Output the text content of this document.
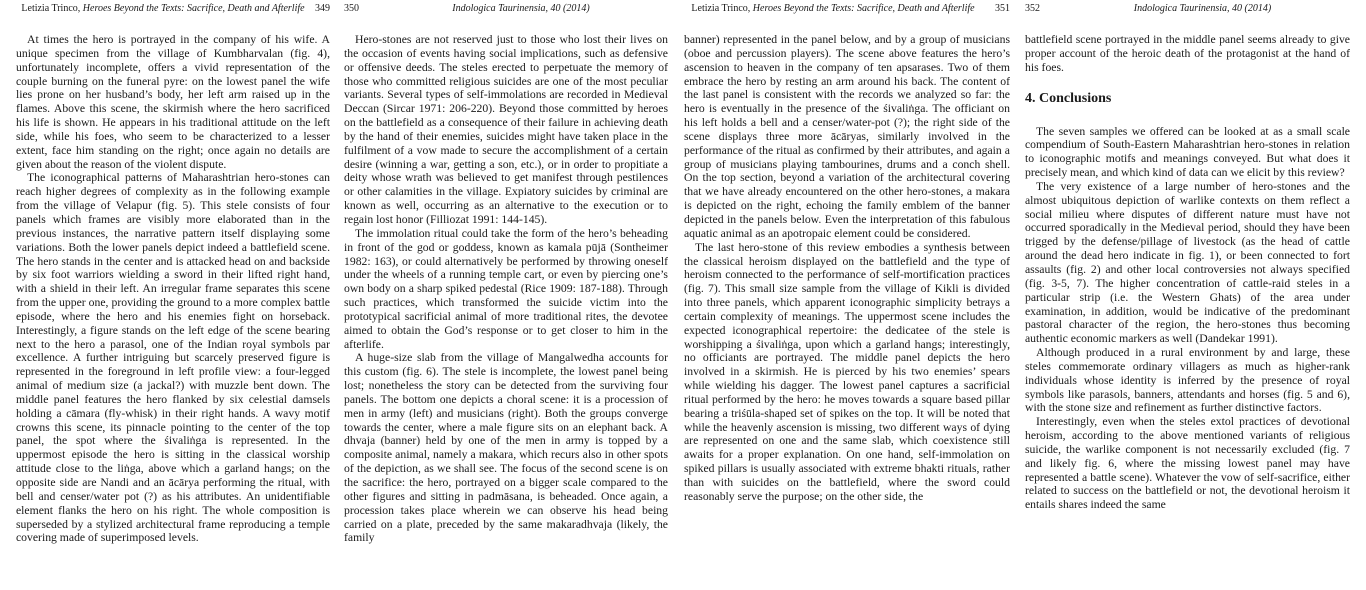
Letizia Trinco, Heroes Beyond the Texts: Sacrifice, Death and Afterlife	349

At times the hero is portrayed in the company of his wife. A unique specimen from the village of Kumbharvalan (fig. 4), unfortunately incomplete, offers a vivid representation of the couple burning on the funeral pyre: on the lowest panel the wife lies prone on her husband’s body, her left arm raised up in the flames. Above this scene, the skirmish where the hero sacrificed his life is shown. He appears in his traditional attitude on the left side, while his foes, who seem to be characterized to a lesser extent, face him standing on the right; once again no details are given about the reason of the violent dispute.

The iconographical patterns of Maharashtrian hero-stones can reach higher degrees of complexity as in the following example from the village of Velapur (fig. 5). This stele consists of four panels which frames are visibly more elaborated than in the previous instances, the narrative pattern itself displaying some variations. Both the lower panels depict indeed a battlefield scene. The hero stands in the center and is attacked head on and backside by six foot warriors wielding a sword in their lifted right hand, with a shield in their left. An irregular frame separates this scene from the upper one, providing the ground to a more complex battle episode, where the hero and his enemies fight on horseback. Interestingly, a figure stands on the left edge of the scene bearing next to the hero a parasol, one of the Indian royal symbols par excellence. A further intriguing but scarcely preserved figure is represented in the foreground in left profile view: a four-legged animal of medium size (a jackal?) with muzzle bent down. The middle panel features the hero flanked by six celestial damsels holding a cāmara (fly-whisk) in their right hands. A wavy motif crowns this scene, its pinnacle pointing to the center of the top panel, the spot where the śivaliṅga is represented. In the uppermost episode the hero is sitting in the classical worship attitude close to the liṅga, above which a garland hangs; on the opposite side are Nandi and an ācārya performing the ritual, with bell and censer/water pot (?) as his attributes. An unidentifiable element flanks the hero on his right. The whole composition is superseded by a stylized architectural frame reproducing a temple covering made of superimposed levels.

350	Indologica Taurinensia, 40 (2014)

Hero-stones are not reserved just to those who lost their lives on the occasion of events having social implications, such as defensive or offensive deeds. The steles erected to perpetuate the memory of those who committed religious suicides are one of the most peculiar variants. Several types of self-immolations are recorded in Medieval Deccan (Sircar 1971: 206-220). Beyond those committed by heroes on the battlefield as a consequence of their failure in achieving death by the hand of their enemies, suicides might have taken place in the fulfilment of a vow made to secure the accomplishment of a certain desire (winning a war, getting a son, etc.), or in order to propitiate a deity whose wrath was believed to get manifest through pestilences or other calamities in the village. Expiatory suicides by criminal are known as well, occurring as an alternative to the execution or to regain lost honor (Filliozat 1991: 144-145).

The immolation ritual could take the form of the hero’s beheading in front of the god or goddess, known as kamala pūjā (Sontheimer 1982: 163), or could alternatively be performed by throwing oneself under the wheels of a running temple cart, or even by piercing one’s own body on a sharp spiked pedestal (Rice 1909: 187-188). Through such practices, which transformed the suicide victim into the prototypical sacrificial animal of more traditional rites, the devotee aimed to obtain the God’s response or to get closer to him in the afterlife.

A huge-size slab from the village of Mangalwedha accounts for this custom (fig. 6). The stele is incomplete, the lowest panel being lost; nonetheless the story can be detected from the surviving four panels. The bottom one depicts a choral scene: it is a procession of men in army (left) and musicians (right). Both the groups converge towards the center, where a male figure sits on an elephant back. A dhvaja (banner) held by one of the men in army is topped by a composite animal, namely a makara, which recurs also in other spots of the depiction, as we shall see. The focus of the second scene is on the sacrifice: the hero, portrayed on a bigger scale compared to the other figures and sitting in padmāsana, is beheaded. Once again, a procession takes place wherein we can observe his head being carried on a plate, preceded by the same makaradhvaja (likely, the family

Letizia Trinco, Heroes Beyond the Texts: Sacrifice, Death and Afterlife	351

banner) represented in the panel below, and by a group of musicians (oboe and percussion players). The scene above features the hero’s ascension to heaven in the company of ten apsarases. Two of them embrace the hero by resting an arm around his back. The content of the last panel is consistent with the records we analyzed so far: the hero is eventually in the presence of the śivaliṅga. The officiant on his left holds a bell and a censer/water-pot (?); the right side of the scene displays three more ācāryas, similarly involved in the performance of the ritual as confirmed by their attributes, and again a group of musicians playing tambourines, drums and a conch shell. On the top section, beyond a variation of the architectural covering that we have already encountered on the other hero-stones, a makara is depicted on the right, echoing the family emblem of the banner depicted in the panels below. Even the interpretation of this fabulous aquatic animal as an apotropaic element could be considered.

The last hero-stone of this review embodies a synthesis between the classical heroism displayed on the battlefield and the type of heroism connected to the performance of self-mortification practices (fig. 7). This small size sample from the village of Kikli is divided into three panels, which apparent iconographic simplicity betrays a certain complexity of meanings. The uppermost scene includes the expected iconographical repertoire: the dedicatee of the stele is worshipping a śivaliṅga, upon which a garland hangs; interestingly, no officiants are portrayed. The middle panel depicts the hero involved in a skirmish. He is pierced by his two enemies’ spears while wielding his dagger. The lowest panel captures a sacrificial ritual performed by the hero: he moves towards a square based pillar bearing a triśūla-shaped set of spikes on the top. It will be noted that while the heavenly ascension is missing, two different ways of dying are represented on one and the same slab, which coexistence still awaits for a proper explanation. On one hand, self-immolation on spiked pillars is usually associated with extreme bhakti rituals, rather than with suicides on the battlefield, where the sword could reasonably serve the purpose; on the other side, the

352	Indologica Taurinensia, 40 (2014)

battlefield scene portrayed in the middle panel seems already to give proper account of the heroic death of the protagonist at the hand of his foes.

4. Conclusions

The seven samples we offered can be looked at as a small scale compendium of South-Eastern Maharashtrian hero-stones in relation to iconographic motifs and meanings conveyed. But what does it precisely mean, and which kind of data can we elicit by this review?

The very existence of a large number of hero-stones and the almost ubiquitous depiction of warlike contexts on them reflect a social milieu where disputes of different nature must have not occurred sporadically in the Medieval period, should they have been trigged by the defense/pillage of livestock (as the head of cattle around the dead hero indicate in fig. 1), or been connected to fort assaults (fig. 2) and other local controversies not always specified (fig. 3-5, 7). The higher concentration of cattle-raid steles in a particular strip (i.e. the Western Ghats) of the area under examination, in addition, would be indicative of the predominant pastoral character of the region, the hero-stones thus becoming authentic economic markers as well (Dandekar 1991).

Although produced in a rural environment by and large, these steles commemorate ordinary villagers as much as higher-rank individuals whose identity is inferred by the presence of royal symbols like parasols, banners, attendants and horses (fig. 5 and 6), with the stone size and refinement as further distinctive factors.

Interestingly, even when the steles extol practices of devotional heroism, according to the above mentioned variants of religious suicide, the warlike component is not necessarily excluded (fig. 7 and likely fig. 6, where the missing lowest panel may have represented a battle scene). Whatever the vow of self-sacrifice, either related to success on the battlefield or not, the devotional heroism it entails shares indeed the same
